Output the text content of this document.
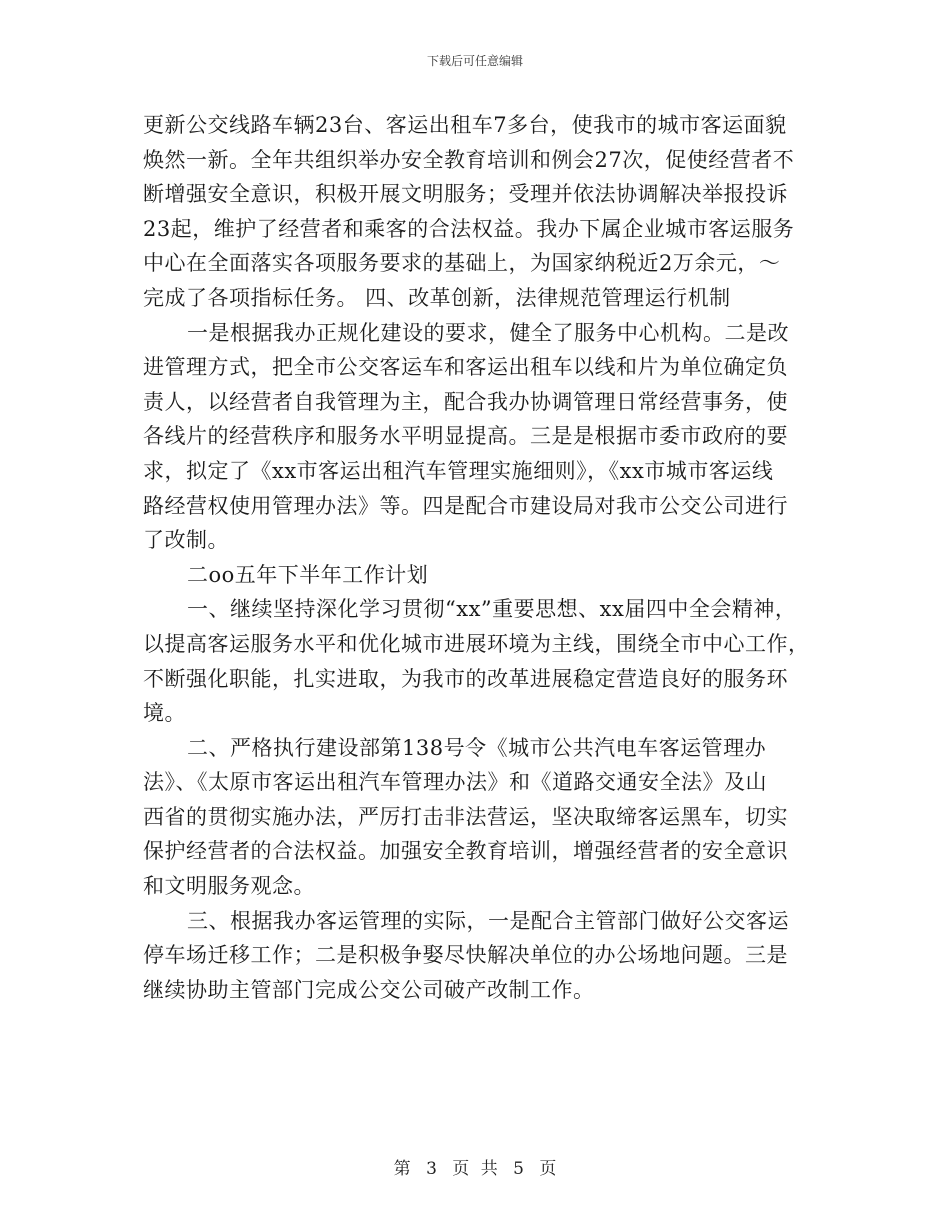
下载后可任意编辑
更新公交线路车辆23台、客运出租车7多台，使我市的城市客运面貌
焕然一新。全年共组织举办安全教育培训和例会27次，促使经营者不
断增强安全意识，积极开展文明服务；受理并依法协调解决举报投诉
23起，维护了经营者和乘客的合法权益。我办下属企业城市客运服务
中心在全面落实各项服务要求的基础上，为国家纳税近2万余元，～
完成了各项指标任务。 四、改革创新，法律规范管理运行机制
一是根据我办正规化建设的要求，健全了服务中心机构。二是改
进管理方式，把全市公交客运车和客运出租车以线和片为单位确定负
责人，以经营者自我管理为主，配合我办协调管理日常经营事务，使
各线片的经营秩序和服务水平明显提高。三是是根据市委市政府的要
求，拟定了《xx市客运出租汽车管理实施细则》，《xx市城市客运线
路经营权使用管理办法》等。四是配合市建设局对我市公交公司进行
了改制。
二oo五年下半年工作计划
一、继续坚持深化学习贯彻“xx”重要思想、xx届四中全会精神，
以提高客运服务水平和优化城市进展环境为主线，围绕全市中心工作，
不断强化职能，扎实进取，为我市的改革进展稳定营造良好的服务环
境。
二、严格执行建设部第138号令《城市公共汽电车客运管理办
法》、《太原市客运出租汽车管理办法》和《道路交通安全法》及山
西省的贯彻实施办法，严厉打击非法营运，坚决取缔客运黑车，切实
保护经营者的合法权益。加强安全教育培训，增强经营者的安全意识
和文明服务观念。
三、根据我办客运管理的实际，一是配合主管部门做好公交客运
停车场迁移工作；二是积极争娶尽快解决单位的办公场地问题。三是
继续协助主管部门完成公交公司破产改制工作。
第 3 页 共 5 页
